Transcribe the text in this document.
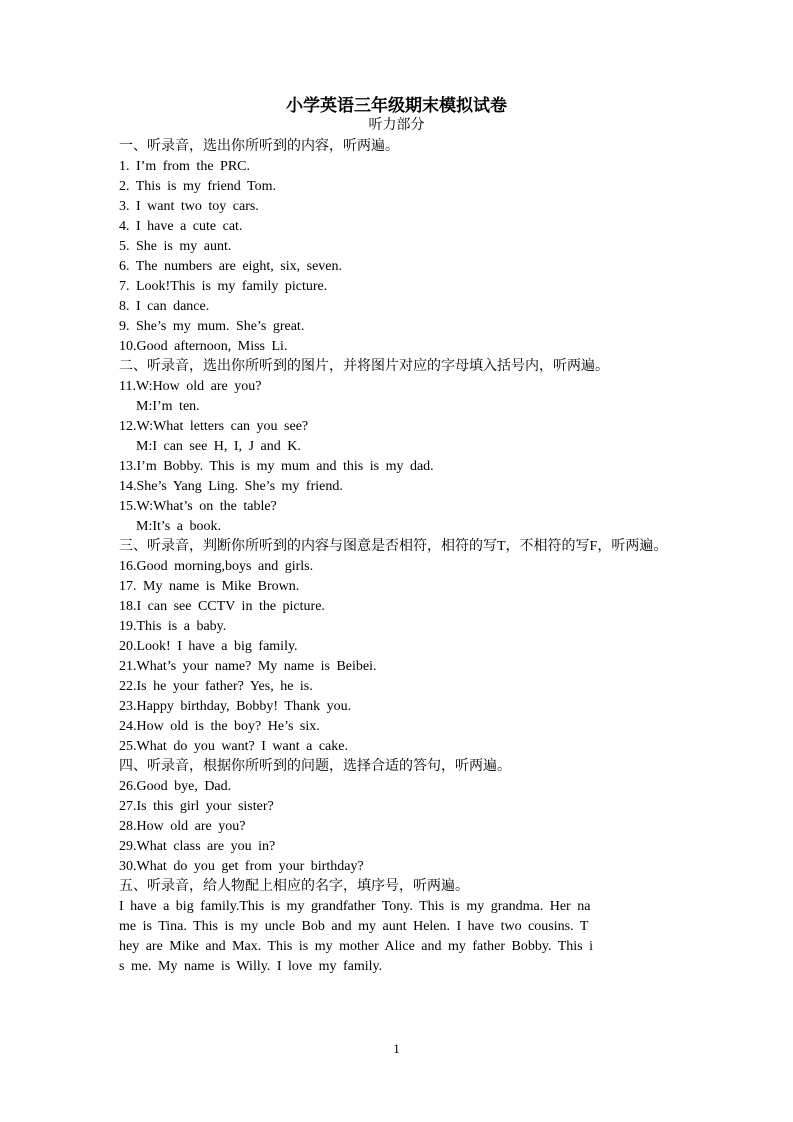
小学英语三年级期末模拟试卷
听力部分
一、听录音，选出你所听到的内容，听两遍。
1. I’m from the PRC.
2. This is my friend Tom.
3. I want two toy cars.
4. I have a cute cat.
5. She is my aunt.
6. The numbers are eight, six, seven.
7. Look!This is my family picture.
8. I can dance.
9. She’s my mum. She’s great.
10.Good afternoon, Miss Li.
二、听录音，选出你所听到的图片，并将图片对应的字母填入括号内，听两遍。
11.W:How old are you?
M:I’m ten.
12.W:What letters can you see?
M:I can see H, I, J and K.
13.I’m Bobby. This is my mum and this is my dad.
14.She’s Yang Ling. She’s my friend.
15.W:What’s on the table?
M:It’s a book.
三、听录音，判断你所听到的内容与图意是否相符，相符的写T，不相符的写F，听两遍。
16.Good morning,boys and girls.
17. My name is Mike Brown.
18.I can see CCTV in the picture.
19.This is a baby.
20.Look! I have a big family.
21.What’s your name? My name is Beibei.
22.Is he your father? Yes, he is.
23.Happy birthday, Bobby! Thank you.
24.How old is the boy? He’s six.
25.What do you want? I want a cake.
四、听录音，根据你所听到的问题，选择合适的答句，听两遍。
26.Good bye, Dad.
27.Is this girl your sister?
28.How old are you?
29.What class are you in?
30.What do you get from your birthday?
五、听录音，给人物配上相应的名字，填序号，听两遍。
I have a big family.This is my grandfather Tony. This is my grandma. Her na
me is Tina. This is my uncle Bob and my aunt Helen. I have two cousins. T
hey are Mike and Max. This is my mother Alice and my father Bobby. This i
s me. My name is Willy. I love my family.
1
